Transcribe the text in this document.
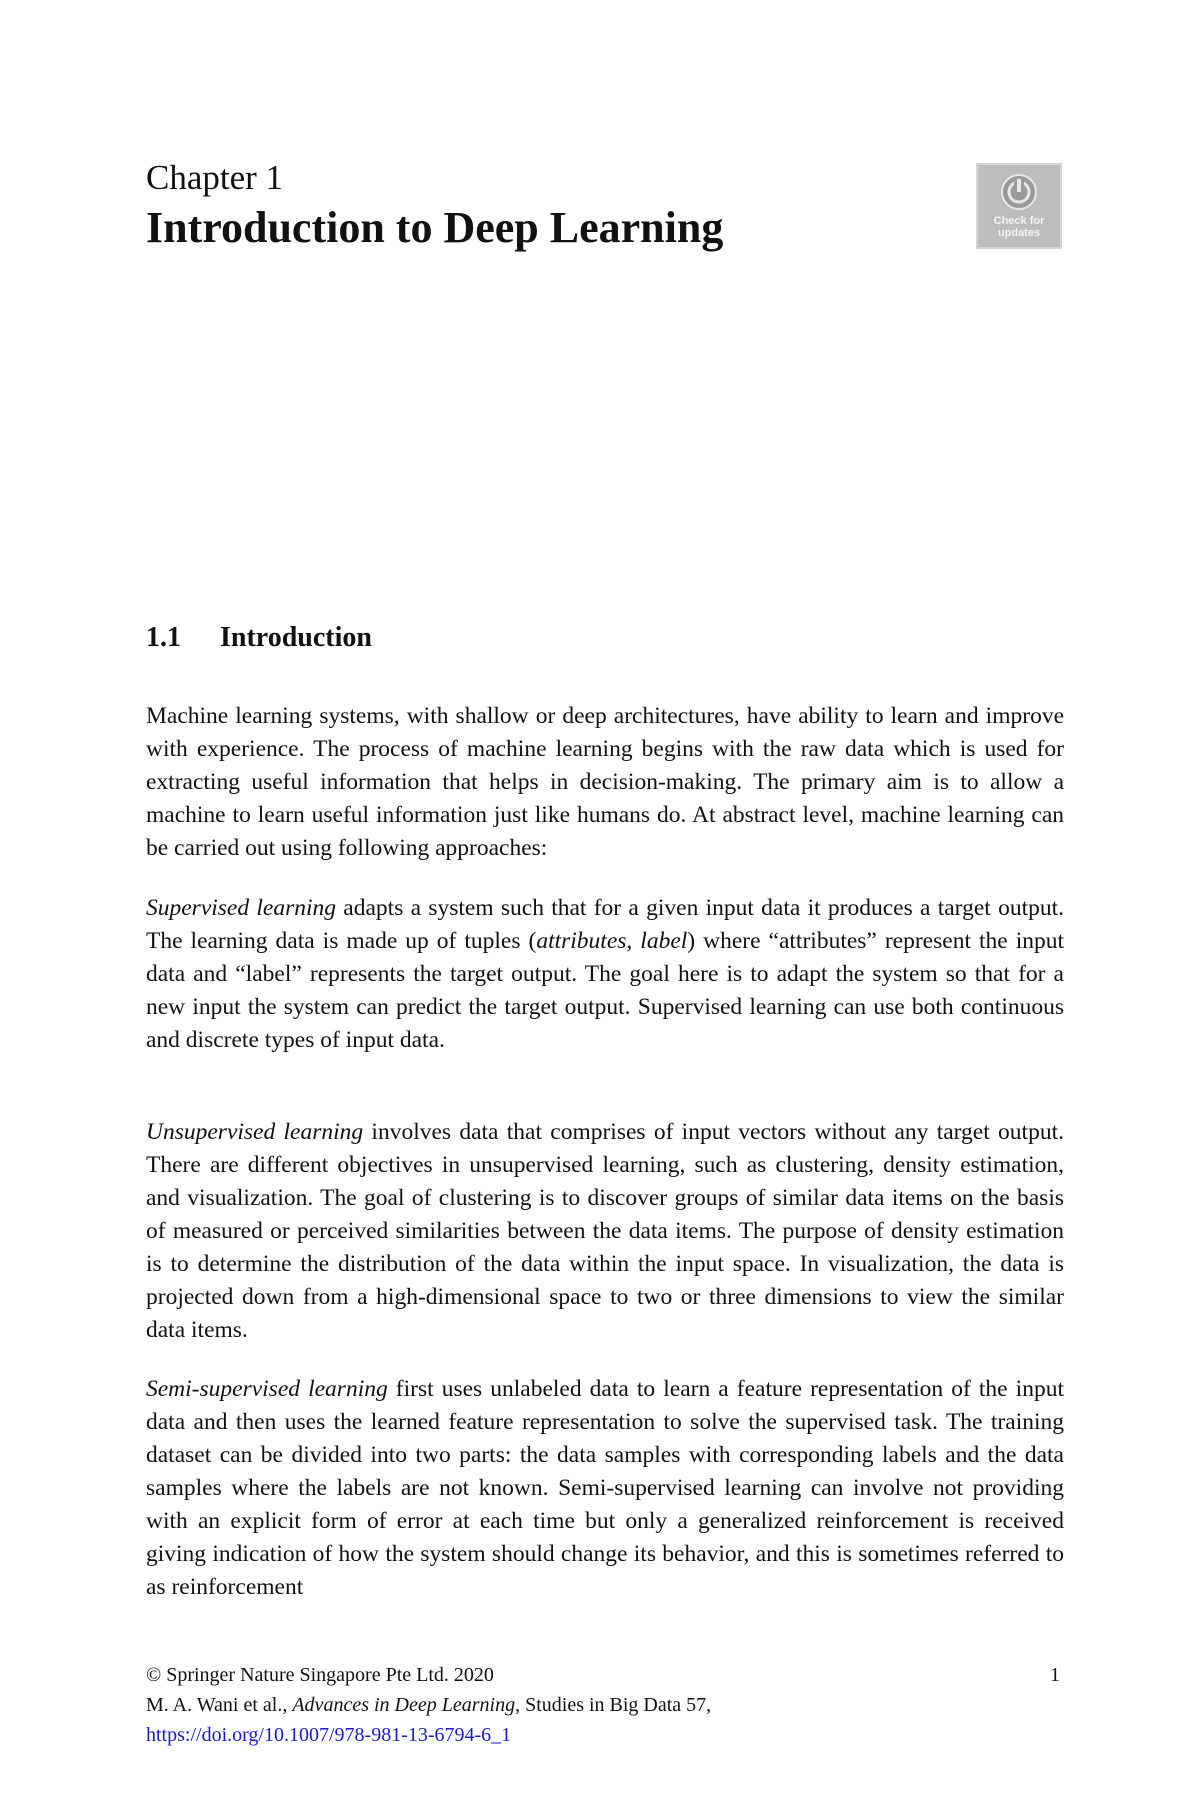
Chapter 1
Introduction to Deep Learning	Check for
updates
1.1 Introduction
Machine learning systems, with shallow or deep architectures, have ability to learn and improve with experience. The process of machine learning begins with the raw data which is used for extracting useful information that helps in decision-making. The primary aim is to allow a machine to learn useful information just like humans do. At abstract level, machine learning can be carried out using following approaches:
Supervised learning adapts a system such that for a given input data it produces a target output. The learning data is made up of tuples (attributes, label) where “attributes” represent the input data and “label” represents the target output. The goal here is to adapt the system so that for a new input the system can predict the target output. Supervised learning can use both continuous and discrete types of input data.
Unsupervised learning involves data that comprises of input vectors without any target output. There are different objectives in unsupervised learning, such as clustering, density estimation, and visualization. The goal of clustering is to discover groups of similar data items on the basis of measured or perceived similarities between the data items. The purpose of density estimation is to determine the distribution of the data within the input space. In visualization, the data is projected down from a high-dimensional space to two or three dimensions to view the similar data items.
Semi-supervised learning first uses unlabeled data to learn a feature representation of the input data and then uses the learned feature representation to solve the supervised task. The training dataset can be divided into two parts: the data samples with corresponding labels and the data samples where the labels are not known. Semi-supervised learning can involve not providing with an explicit form of error at each time but only a generalized reinforcement is received giving indication of how the system should change its behavior, and this is sometimes referred to as reinforcement
© Springer Nature Singapore Pte Ltd. 2020	1
M. A. Wani et al., Advances in Deep Learning, Studies in Big Data 57,
https://doi.org/10.1007/978-981-13-6794-6_1
